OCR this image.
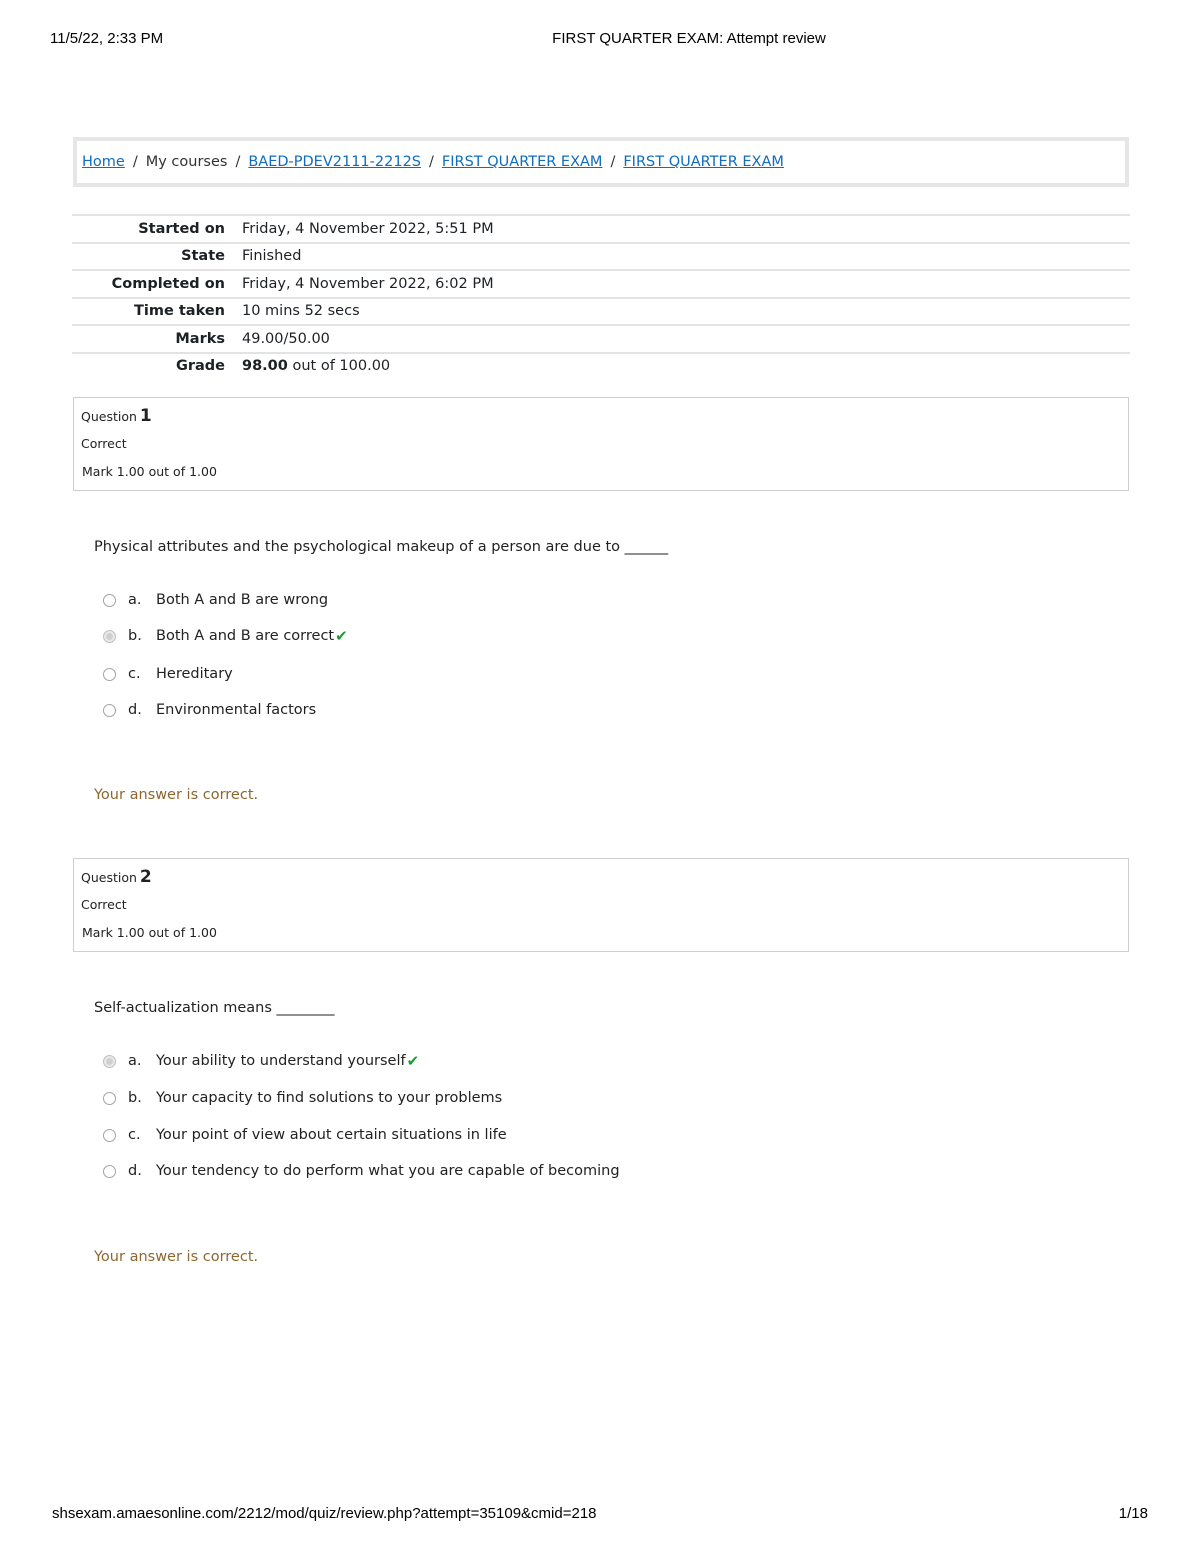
11/5/22, 2:33 PM	FIRST QUARTER EXAM: Attempt review
Home / My courses / BAED-PDEV2111-2212S / FIRST QUARTER EXAM / FIRST QUARTER EXAM
Started on	Friday, 4 November 2022, 5:51 PM
State	Finished
Completed on	Friday, 4 November 2022, 6:02 PM
Time taken	10 mins 52 secs
Marks	49.00/50.00
Grade	98.00 out of 100.00
Question 1
Correct
Mark 1.00 out of 1.00
Physical attributes and the psychological makeup of a person are due to ______
a.	Both A and B are wrong
b. Both A and B are correct ✔
c.	Hereditary
d. Environmental factors
Your answer is correct.
Question 2
Correct
Mark 1.00 out of 1.00
Self-actualization means ________
a.	Your ability to understand yourself ✔
b. Your capacity to find solutions to your problems
c.	Your point of view about certain situations in life
d. Your tendency to do perform what you are capable of becoming
Your answer is correct.
shsexam.amaesonline.com/2212/mod/quiz/review.php?attempt=35109&cmid=218	1/18
